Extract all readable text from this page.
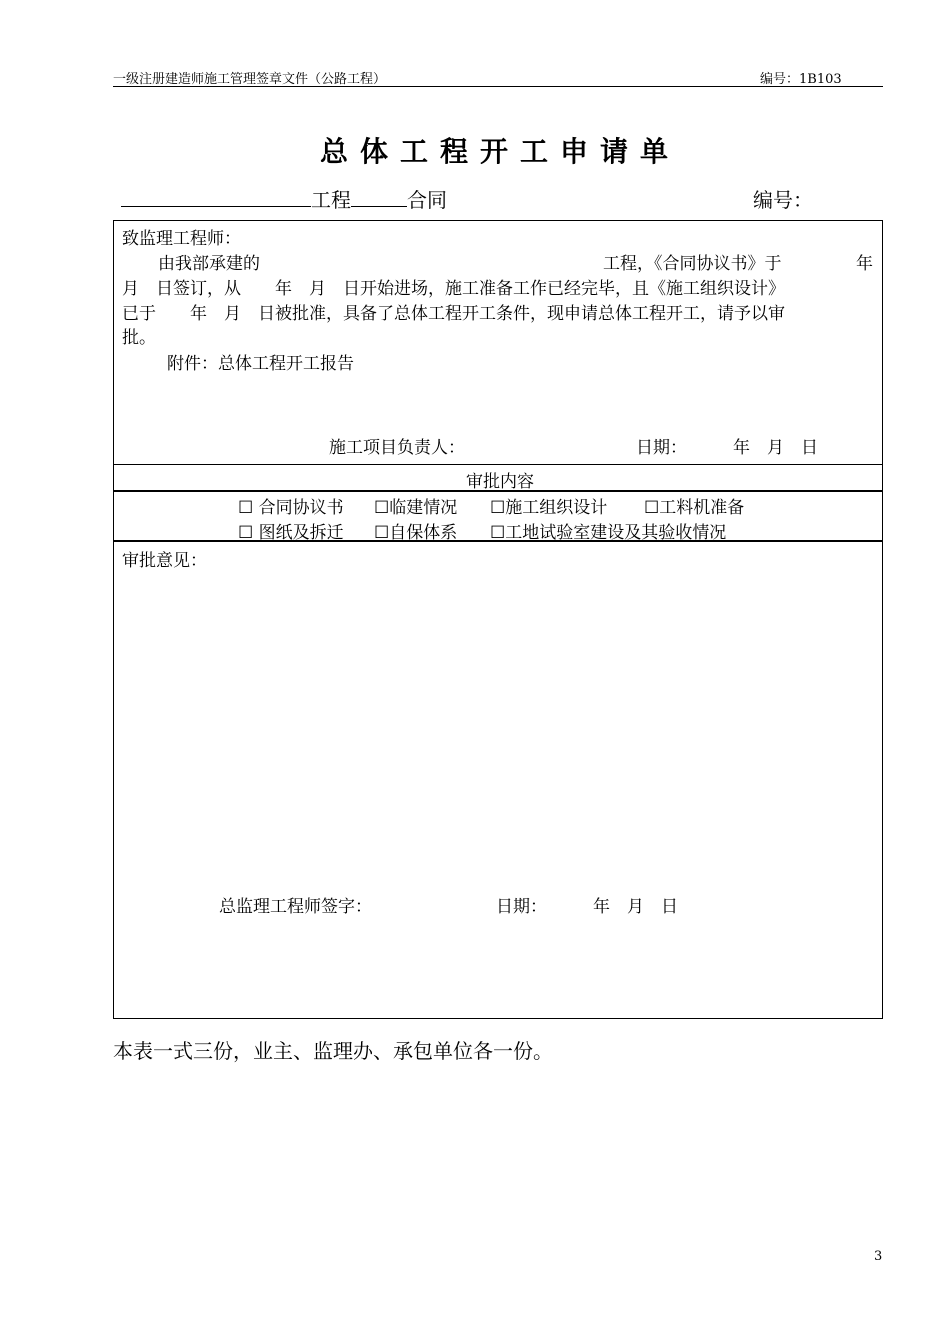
一级注册建造师施工管理签章文件（公路工程）	编号：1B103
总体工程开工申请单
工程	合同	编号：
致监理工程师：
由我部承建的	工程，《合同协议书》于	年
月　日签订，从　　年　月　日开始进场，施工准备工作已经完毕，且《施工组织设计》
已于　　年　月　日被批准，具备了总体工程开工条件，现申请总体工程开工，请予以审
批。
附件：总体工程开工报告
施工项目负责人：	日期：	年　月　日
审批内容
☐ 合同协议书 ☐临建情况 ☐施工组织设计 ☐工料机准备
☐ 图纸及拆迁 ☐自保体系 ☐工地试验室建设及其验收情况
审批意见：
总监理工程师签字：	日期：	年　月　日
本表一式三份，业主、监理办、承包单位各一份。
3
